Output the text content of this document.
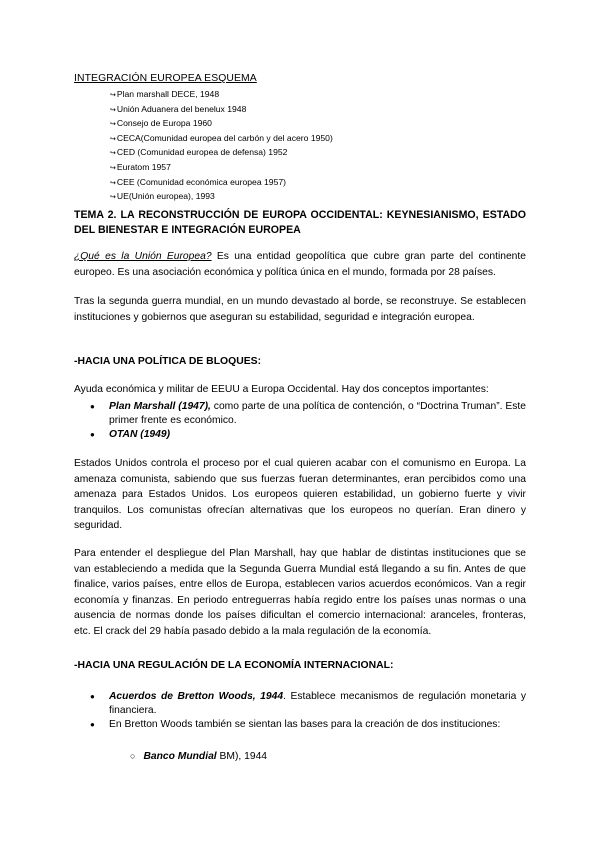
INTEGRACIÓN EUROPEA ESQUEMA
↪Plan marshall DECE, 1948
↪Unión Aduanera del benelux 1948
↪Consejo de Europa 1960
↪CECA(Comunidad europea del carbón y del acero 1950)
↪CED (Comunidad europea de defensa) 1952
↪Euratom 1957
↪CEE (Comunidad económica europea 1957)
↪UE(Unión europea), 1993
TEMA 2. LA RECONSTRUCCIÓN DE EUROPA OCCIDENTAL: KEYNESIANISMO, ESTADO DEL BIENESTAR E INTEGRACIÓN EUROPEA

¿Qué es la Unión Europea? Es una entidad geopolítica que cubre gran parte del continente europeo. Es una asociación económica y política única en el mundo, formada por 28 países.

Tras la segunda guerra mundial, en un mundo devastado al borde, se reconstruye. Se establecen instituciones y gobiernos que aseguran su estabilidad, seguridad e integración europea.

-HACIA UNA POLÍTICA DE BLOQUES:

Ayuda económica y militar de EEUU a Europa Occidental. Hay dos conceptos importantes:

● Plan Marshall (1947), como parte de una política de contención, o “Doctrina Truman”. Este primer frente es económico.
● OTAN (1949)

Estados Unidos controla el proceso por el cual quieren acabar con el comunismo en Europa. La amenaza comunista, sabiendo que sus fuerzas fueran determinantes, eran percibidos como una amenaza para Estados Unidos. Los europeos quieren estabilidad, un gobierno fuerte y vivir tranquilos. Los comunistas ofrecían alternativas que los europeos no querían. Eran dinero y seguridad.

Para entender el despliegue del Plan Marshall, hay que hablar de distintas instituciones que se van estableciendo a medida que la Segunda Guerra Mundial está llegando a su fin. Antes de que finalice, varios países, entre ellos de Europa, establecen varios acuerdos económicos. Van a regir economía y finanzas. En periodo entreguerras había regido entre los países unas normas o una ausencia de normas donde los países dificultan el comercio internacional: aranceles, fronteras, etc. El crack del 29 había pasado debido a la mala regulación de la economía.

-HACIA UNA REGULACIÓN DE LA ECONOMÍA INTERNACIONAL:
● Acuerdos de Bretton Woods, 1944. Establece mecanismos de regulación monetaria y financiera.
● En Bretton Woods también se sientan las bases para la creación de dos instituciones:
○ Banco Mundial BM), 1944
